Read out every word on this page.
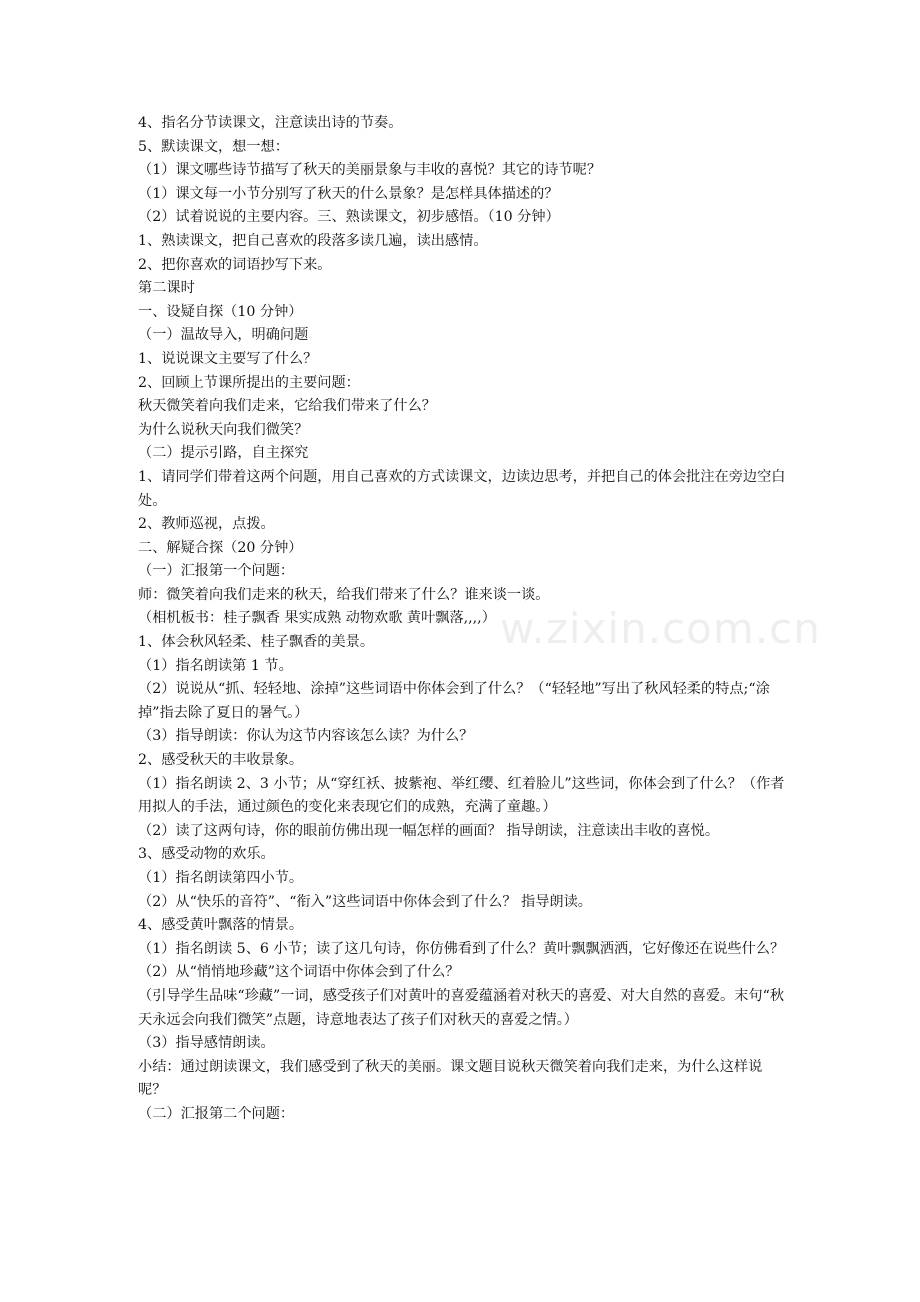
4、指名分节读课文，注意读出诗的节奏。

5、默读课文，想一想：

（1）课文哪些诗节描写了秋天的美丽景象与丰收的喜悦？其它的诗节呢？

（1）课文每一小节分别写了秋天的什么景象？是怎样具体描述的？

（2）试着说说的主要内容。三、熟读课文，初步感悟。（10 分钟）

1、熟读课文，把自己喜欢的段落多读几遍，读出感情。

2、把你喜欢的词语抄写下来。

第二课时

一、设疑自探（10 分钟）

（一）温故导入，明确问题

1、说说课文主要写了什么？

2、回顾上节课所提出的主要问题：

秋天微笑着向我们走来，它给我们带来了什么？

为什么说秋天向我们微笑？

（二）提示引路，自主探究

1、请同学们带着这两个问题，用自己喜欢的方式读课文，边读边思考，并把自己的体会批注在旁边空白处。

2、教师巡视，点拨。

二、解疑合探（20 分钟）

（一）汇报第一个问题：

师：微笑着向我们走来的秋天，给我们带来了什么？谁来谈一谈。

（相机板书：桂子飘香 果实成熟 动物欢歌 黄叶飘落,,,,）

1、体会秋风轻柔、桂子飘香的美景。

（1）指名朗读第 1 节。

（2）说说从“抓、轻轻地、涂掉”这些词语中你体会到了什么？（“轻轻地”写出了秋风轻柔的特点;“涂掉”指去除了夏日的暑气。）

（3）指导朗读：你认为这节内容该怎么读？为什么？

2、感受秋天的丰收景象。

（1）指名朗读 2、3 小节；从“穿红袄、披紫袍、举红缨、红着脸儿”这些词，你体会到了什么？（作者用拟人的手法，通过颜色的变化来表现它们的成熟，充满了童趣。）

（2）读了这两句诗，你的眼前仿佛出现一幅怎样的画面？ 指导朗读，注意读出丰收的喜悦。

3、感受动物的欢乐。

（1）指名朗读第四小节。

（2）从“快乐的音符”、“衔入”这些词语中你体会到了什么？ 指导朗读。

4、感受黄叶飘落的情景。

（1）指名朗读 5、6 小节；读了这几句诗，你仿佛看到了什么？黄叶飘飘洒洒，它好像还在说些什么？

（2）从“悄悄地珍藏”这个词语中你体会到了什么？

（引导学生品味“珍藏”一词，感受孩子们对黄叶的喜爱蕴涵着对秋天的喜爱、对大自然的喜爱。末句“秋天永远会向我们微笑”点题，诗意地表达了孩子们对秋天的喜爱之情。）

（3）指导感情朗读。

小结：通过朗读课文，我们感受到了秋天的美丽。课文题目说秋天微笑着向我们走来，为什么这样说呢？

（二）汇报第二个问题：

w.zixin.com.cn
